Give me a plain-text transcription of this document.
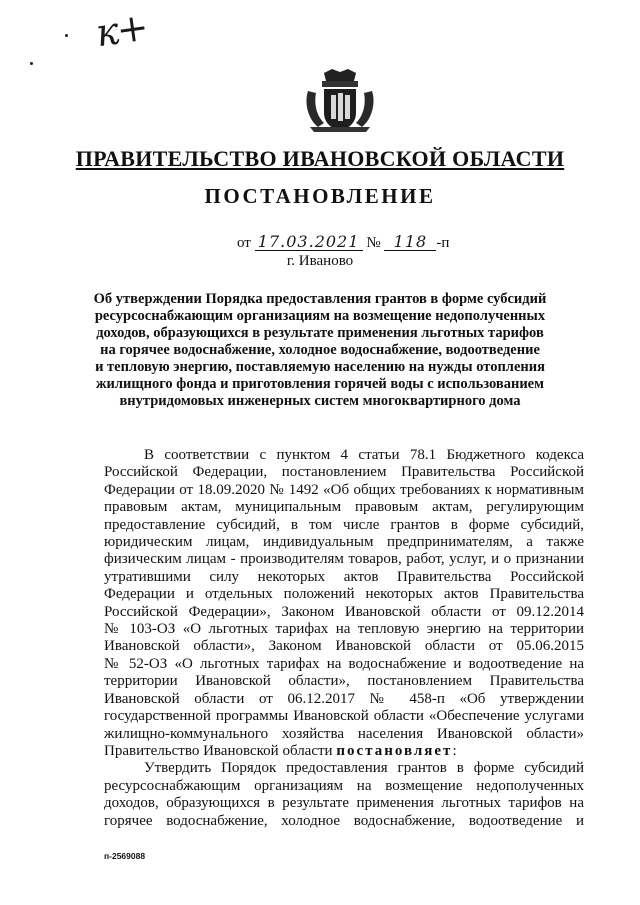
к+
ПРАВИТЕЛЬСТВО ИВАНОВСКОЙ ОБЛАСТИ
ПОСТАНОВЛЕНИЕ
от 17.03.2021 № 118 -п
г. Иваново
Об утверждении Порядка предоставления грантов в форме субсидий
ресурсоснабжающим организациям на возмещение недополученных
доходов, образующихся в результате применения льготных тарифов
на горячее водоснабжение, холодное водоснабжение, водоотведение
и тепловую энергию, поставляемую населению на нужды отопления
жилищного фонда и приготовления горячей воды с использованием
внутридомовых инженерных систем многоквартирного дома
В соответствии с пунктом 4 статьи 78.1 Бюджетного кодекса
Российской Федерации, постановлением Правительства Российской
Федерации от 18.09.2020 № 1492 «Об общих требованиях к нормативным
правовым актам, муниципальным правовым актам, регулирующим
предоставление субсидий, в том числе грантов в форме субсидий,
юридическим лицам, индивидуальным предпринимателям, а также
физическим лицам - производителям товаров, работ, услуг, и о признании
утратившими силу некоторых актов Правительства Российской
Федерации и отдельных положений некоторых актов Правительства
Российской Федерации», Законом Ивановской области от 09.12.2014
№ 103-ОЗ «О льготных тарифах на тепловую энергию на территории
Ивановской области», Законом Ивановской области от 05.06.2015
№ 52-ОЗ «О льготных тарифах на водоснабжение и водоотведение на
территории Ивановской области», постановлением Правительства
Ивановской области от 06.12.2017 № 458-п «Об утверждении
государственной программы Ивановской области «Обеспечение услугами
жилищно-коммунального хозяйства населения Ивановской области»
Правительство Ивановской области постановляет:
Утвердить Порядок предоставления грантов в форме субсидий
ресурсоснабжающим организациям на возмещение недополученных
доходов, образующихся в результате применения льготных тарифов на
горячее водоснабжение, холодное водоснабжение, водоотведение и
п-2569088
